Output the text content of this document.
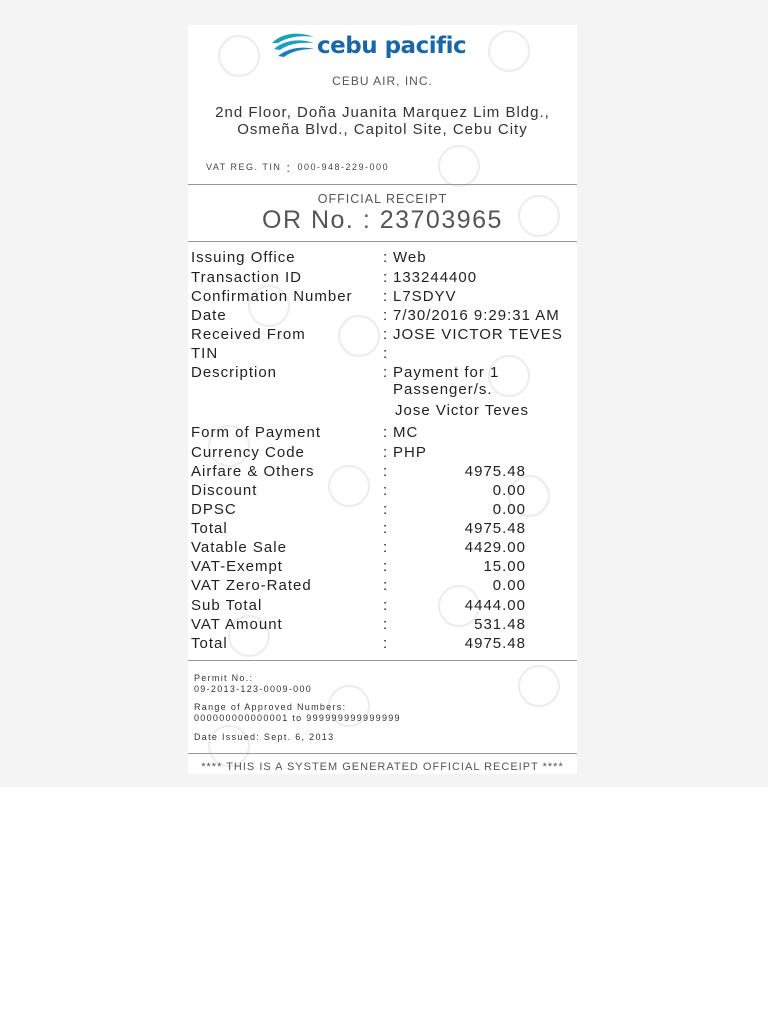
cebu pacific
CEBU AIR, INC.
2nd Floor, Doña Juanita Marquez Lim Bldg.,
Osmeña Blvd., Capitol Site, Cebu City
VAT REG. TIN : 000-948-229-000
OFFICIAL RECEIPT
OR No. : 23703965
Issuing Office	: Web
Transaction ID	: 133244400
Confirmation Number : L7SDYV
Date	: 7/30/2016 9:29:31 AM
Received From	: JOSE VICTOR TEVES
TIN	:
Description	: Payment for 1
Passenger/s.
Jose Victor Teves
Form of Payment	: MC
Currency Code	: PHP
Airfare & Others	:	4975.48
Discount	:	0.00
DPSC	:	0.00
Total	:	4975.48
Vatable Sale	:	4429.00
VAT-Exempt	:	15.00
VAT Zero-Rated	:	0.00
Sub Total	:	4444.00
VAT Amount	:	531.48
Total	:	4975.48
Permit No.:
09-2013-123-0009-000
Range of Approved Numbers:
000000000000001 to 999999999999999
Date Issued: Sept. 6, 2013
**** THIS IS A SYSTEM GENERATED OFFICIAL RECEIPT ****
